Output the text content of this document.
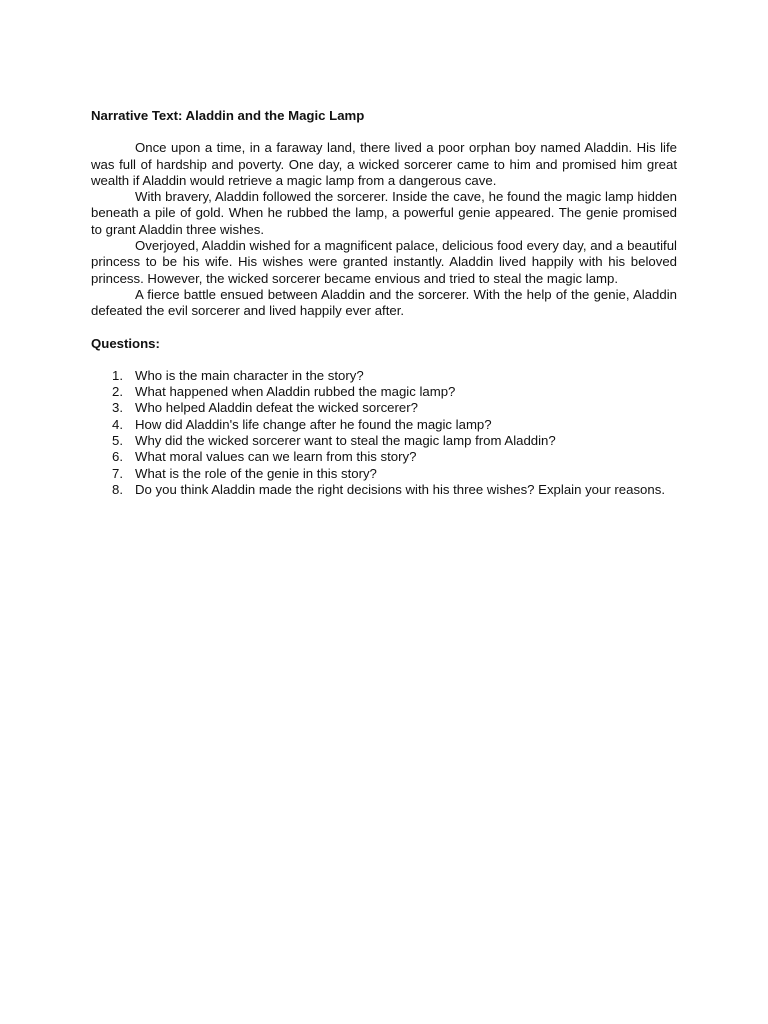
Narrative Text: Aladdin and the Magic Lamp

Once upon a time, in a faraway land, there lived a poor orphan boy named Aladdin. His life was full of hardship and poverty. One day, a wicked sorcerer came to him and promised him great wealth if Aladdin would retrieve a magic lamp from a dangerous cave.

With bravery, Aladdin followed the sorcerer. Inside the cave, he found the magic lamp hidden beneath a pile of gold. When he rubbed the lamp, a powerful genie appeared. The genie promised to grant Aladdin three wishes.

Overjoyed, Aladdin wished for a magnificent palace, delicious food every day, and a beautiful princess to be his wife. His wishes were granted instantly. Aladdin lived happily with his beloved princess. However, the wicked sorcerer became envious and tried to steal the magic lamp.

A fierce battle ensued between Aladdin and the sorcerer. With the help of the genie, Aladdin defeated the evil sorcerer and lived happily ever after.

Questions:
1. Who is the main character in the story?
2. What happened when Aladdin rubbed the magic lamp?
3. Who helped Aladdin defeat the wicked sorcerer?
4. How did Aladdin's life change after he found the magic lamp?
5. Why did the wicked sorcerer want to steal the magic lamp from Aladdin?
6. What moral values can we learn from this story?
7. What is the role of the genie in this story?
8. Do you think Aladdin made the right decisions with his three wishes? Explain your reasons.
